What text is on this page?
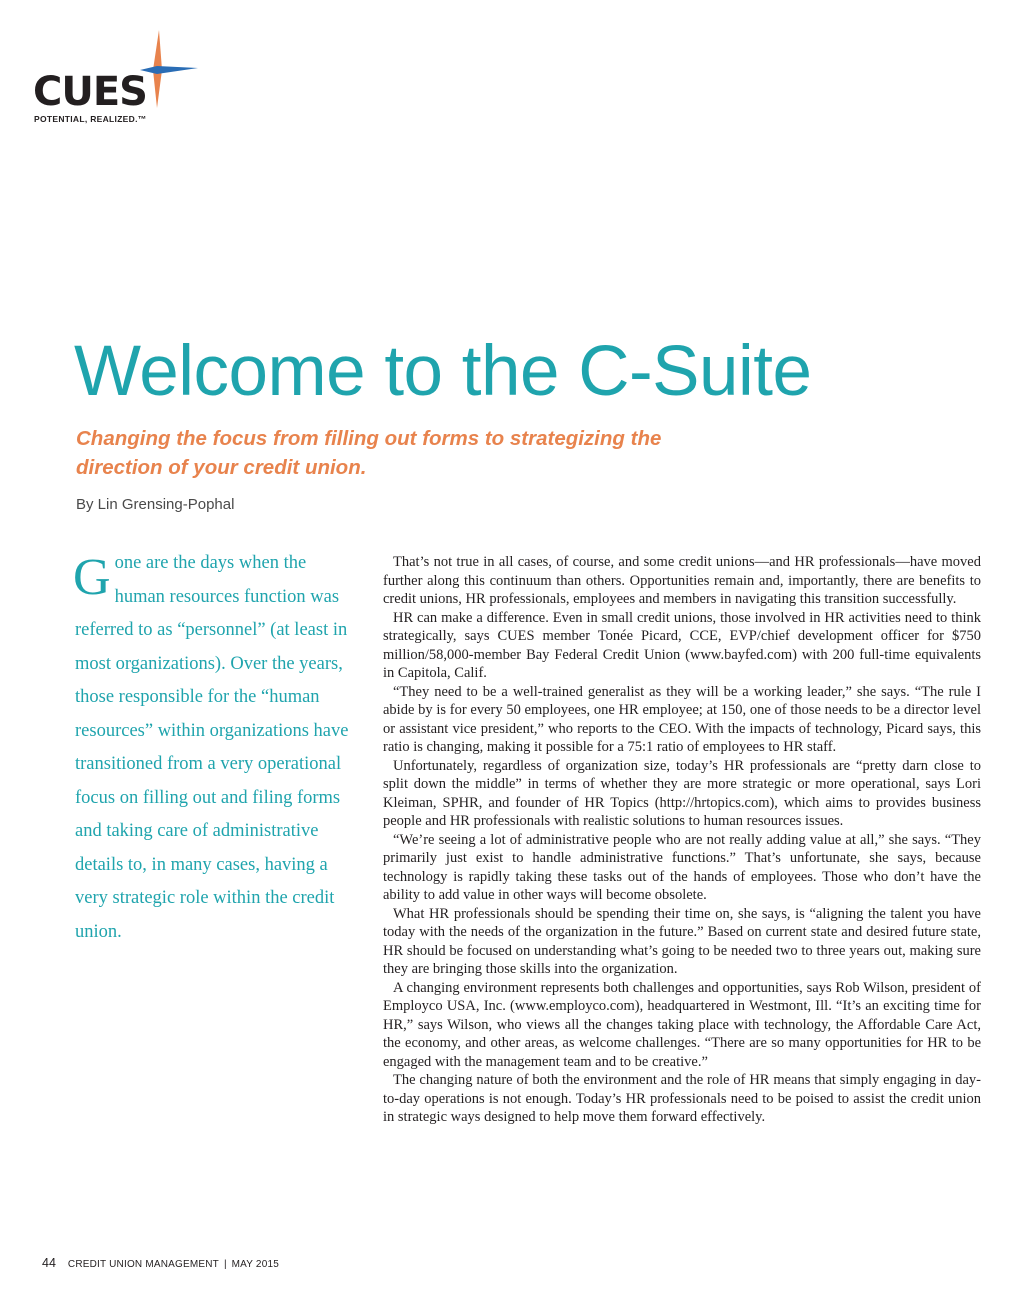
CUES
POTENTIAL, REALIZED.™
Welcome to the C-Suite
Changing the focus from filling out forms to strategizing the direction of your credit union.
By Lin Grensing-Pophal

Gone are the days when the human resources function was referred to as “personnel” (at least in most organizations). Over the years, those responsible for the “human resources” within organizations have transitioned from a very operational focus on filling out and filing forms and taking care of administrative details to, in many cases, having a very strategic role within the credit union.

That’s not true in all cases, of course, and some credit unions—and HR professionals—have moved further along this continuum than others. Opportunities remain and, importantly, there are benefits to credit unions, HR professionals, employees and members in navigating this transition successfully.

HR can make a difference. Even in small credit unions, those involved in HR activities need to think strategically, says CUES member Tonée Picard, CCE, EVP/chief development officer for $750 million/58,000-member Bay Federal Credit Union (www.bayfed.com) with 200 full-time equivalents in Capitola, Calif.

“They need to be a well-trained generalist as they will be a working leader,” she says. “The rule I abide by is for every 50 employees, one HR employee; at 150, one of those needs to be a director level or assistant vice president,” who reports to the CEO. With the impacts of technology, Picard says, this ratio is changing, making it possible for a 75:1 ratio of employees to HR staff.

Unfortunately, regardless of organization size, today’s HR professionals are “pretty darn close to split down the middle” in terms of whether they are more strategic or more operational, says Lori Kleiman, SPHR, and founder of HR Topics (http://hrtopics.com), which aims to provides business people and HR professionals with realistic solutions to human resources issues.

“We’re seeing a lot of administrative people who are not really adding value at all,” she says. “They primarily just exist to handle administrative functions.” That’s unfortunate, she says, because technology is rapidly taking these tasks out of the hands of employees. Those who don’t have the ability to add value in other ways will become obsolete.

What HR professionals should be spending their time on, she says, is “aligning the talent you have today with the needs of the organization in the future.” Based on current state and desired future state, HR should be focused on understanding what’s going to be needed two to three years out, making sure they are bringing those skills into the organization.

A changing environment represents both challenges and opportunities, says Rob Wilson, president of Employco USA, Inc. (www.employco.com), headquartered in Westmont, Ill. “It’s an exciting time for HR,” says Wilson, who views all the changes taking place with technology, the Affordable Care Act, the economy, and other areas, as welcome challenges. “There are so many opportunities for HR to be engaged with the management team and to be creative.”

The changing nature of both the environment and the role of HR means that simply engaging in day-to-day operations is not enough. Today’s HR professionals need to be poised to assist the credit union in strategic ways designed to help move them forward effectively.

44 CREDIT UNION MANAGEMENT | MAY 2015
